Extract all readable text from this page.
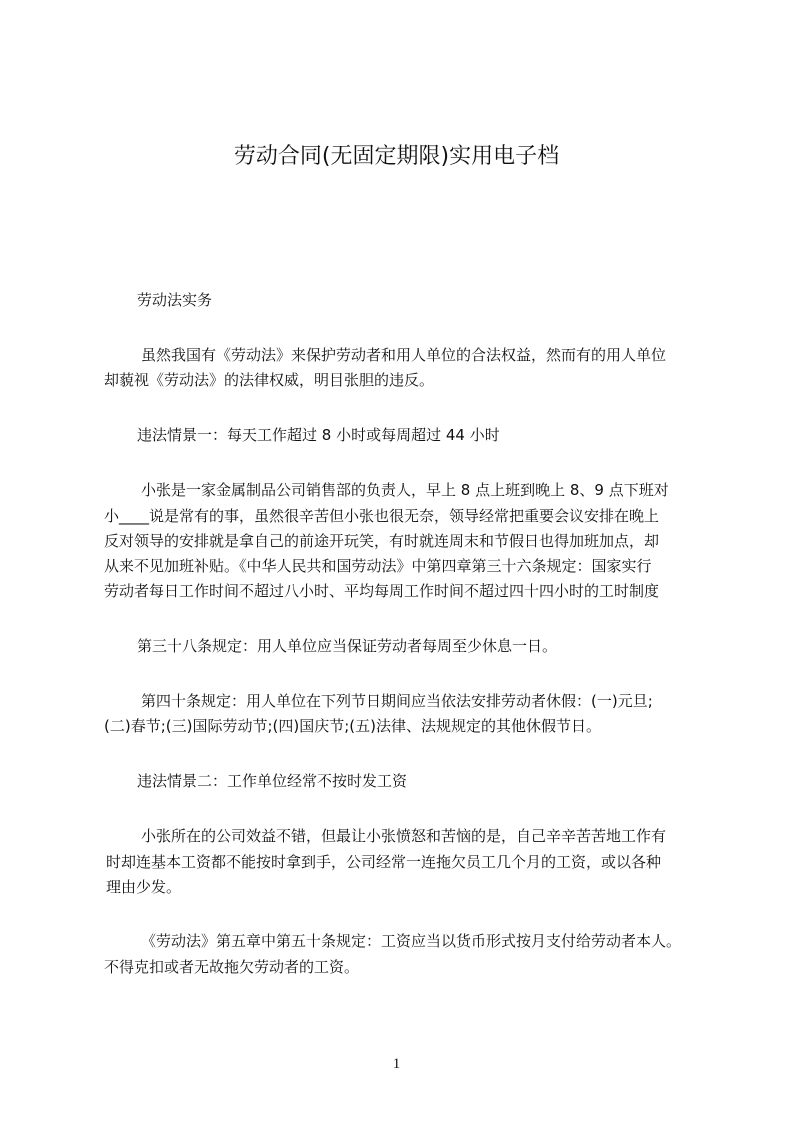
劳动合同(无固定期限)实用电子档
劳动法实务
虽然我国有《劳动法》来保护劳动者和用人单位的合法权益，然而有的用人单位
却藐视《劳动法》的法律权威，明目张胆的违反。
违法情景一：每天工作超过 8 小时或每周超过 44 小时
小张是一家金属制品公司销售部的负责人，早上 8 点上班到晚上 8、9 点下班对
小____说是常有的事，虽然很辛苦但小张也很无奈，领导经常把重要会议安排在晚上
反对领导的安排就是拿自己的前途开玩笑，有时就连周末和节假日也得加班加点，却
从来不见加班补贴。《中华人民共和国劳动法》中第四章第三十六条规定：国家实行
劳动者每日工作时间不超过八小时、平均每周工作时间不超过四十四小时的工时制度
第三十八条规定：用人单位应当保证劳动者每周至少休息一日。
第四十条规定：用人单位在下列节日期间应当依法安排劳动者休假：(一)元旦;
(二)春节;(三)国际劳动节;(四)国庆节;(五)法律、法规规定的其他休假节日。
违法情景二：工作单位经常不按时发工资
小张所在的公司效益不错，但最让小张愤怒和苦恼的是，自己辛辛苦苦地工作有
时却连基本工资都不能按时拿到手，公司经常一连拖欠员工几个月的工资，或以各种
理由少发。
《劳动法》第五章中第五十条规定：工资应当以货币形式按月支付给劳动者本人。
不得克扣或者无故拖欠劳动者的工资。
1
